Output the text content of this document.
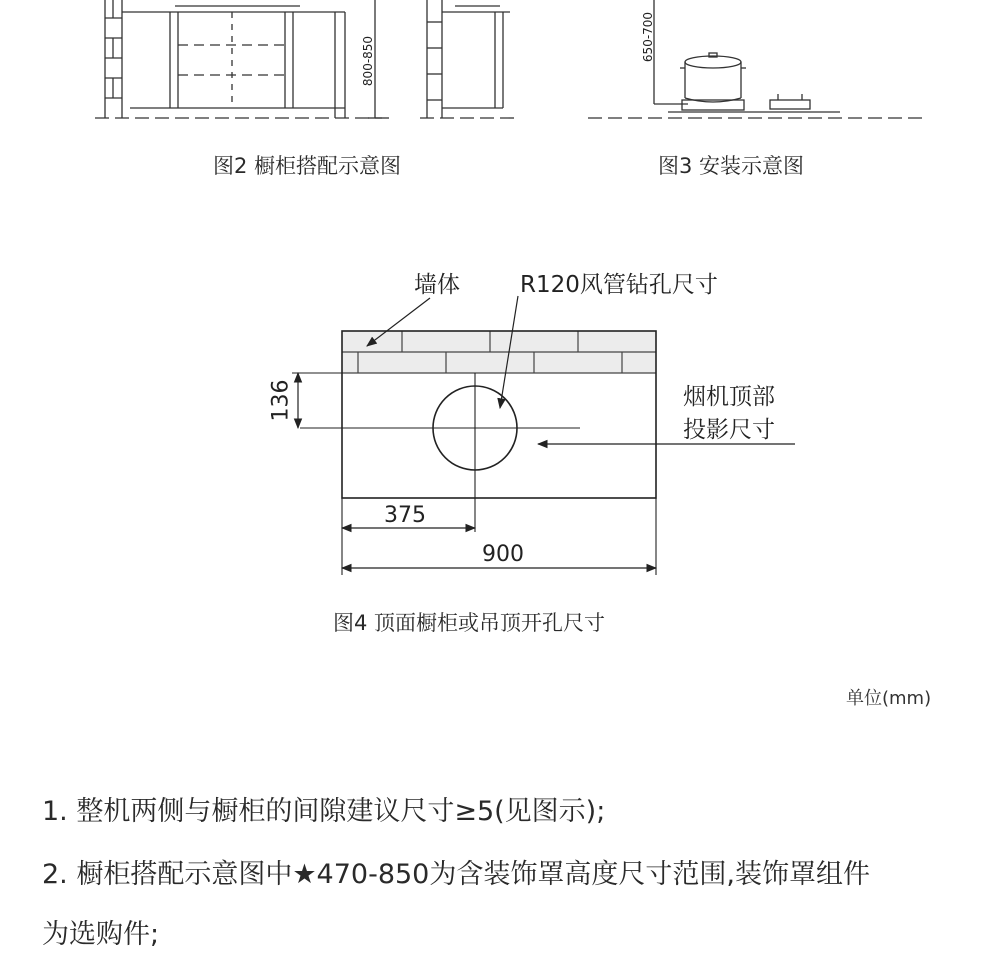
800-850
图2 橱柜搭配示意图
650-700
图3 安装示意图
墙体	R120风管钻孔尺寸
烟机顶部
投影尺寸
136
375
900
图4 顶面橱柜或吊顶开孔尺寸
单位(mm)
1. 整机两侧与橱柜的间隙建议尺寸≥5(见图示);
2. 橱柜搭配示意图中★470-850为含装饰罩高度尺寸范围,装饰罩组件
为选购件;
